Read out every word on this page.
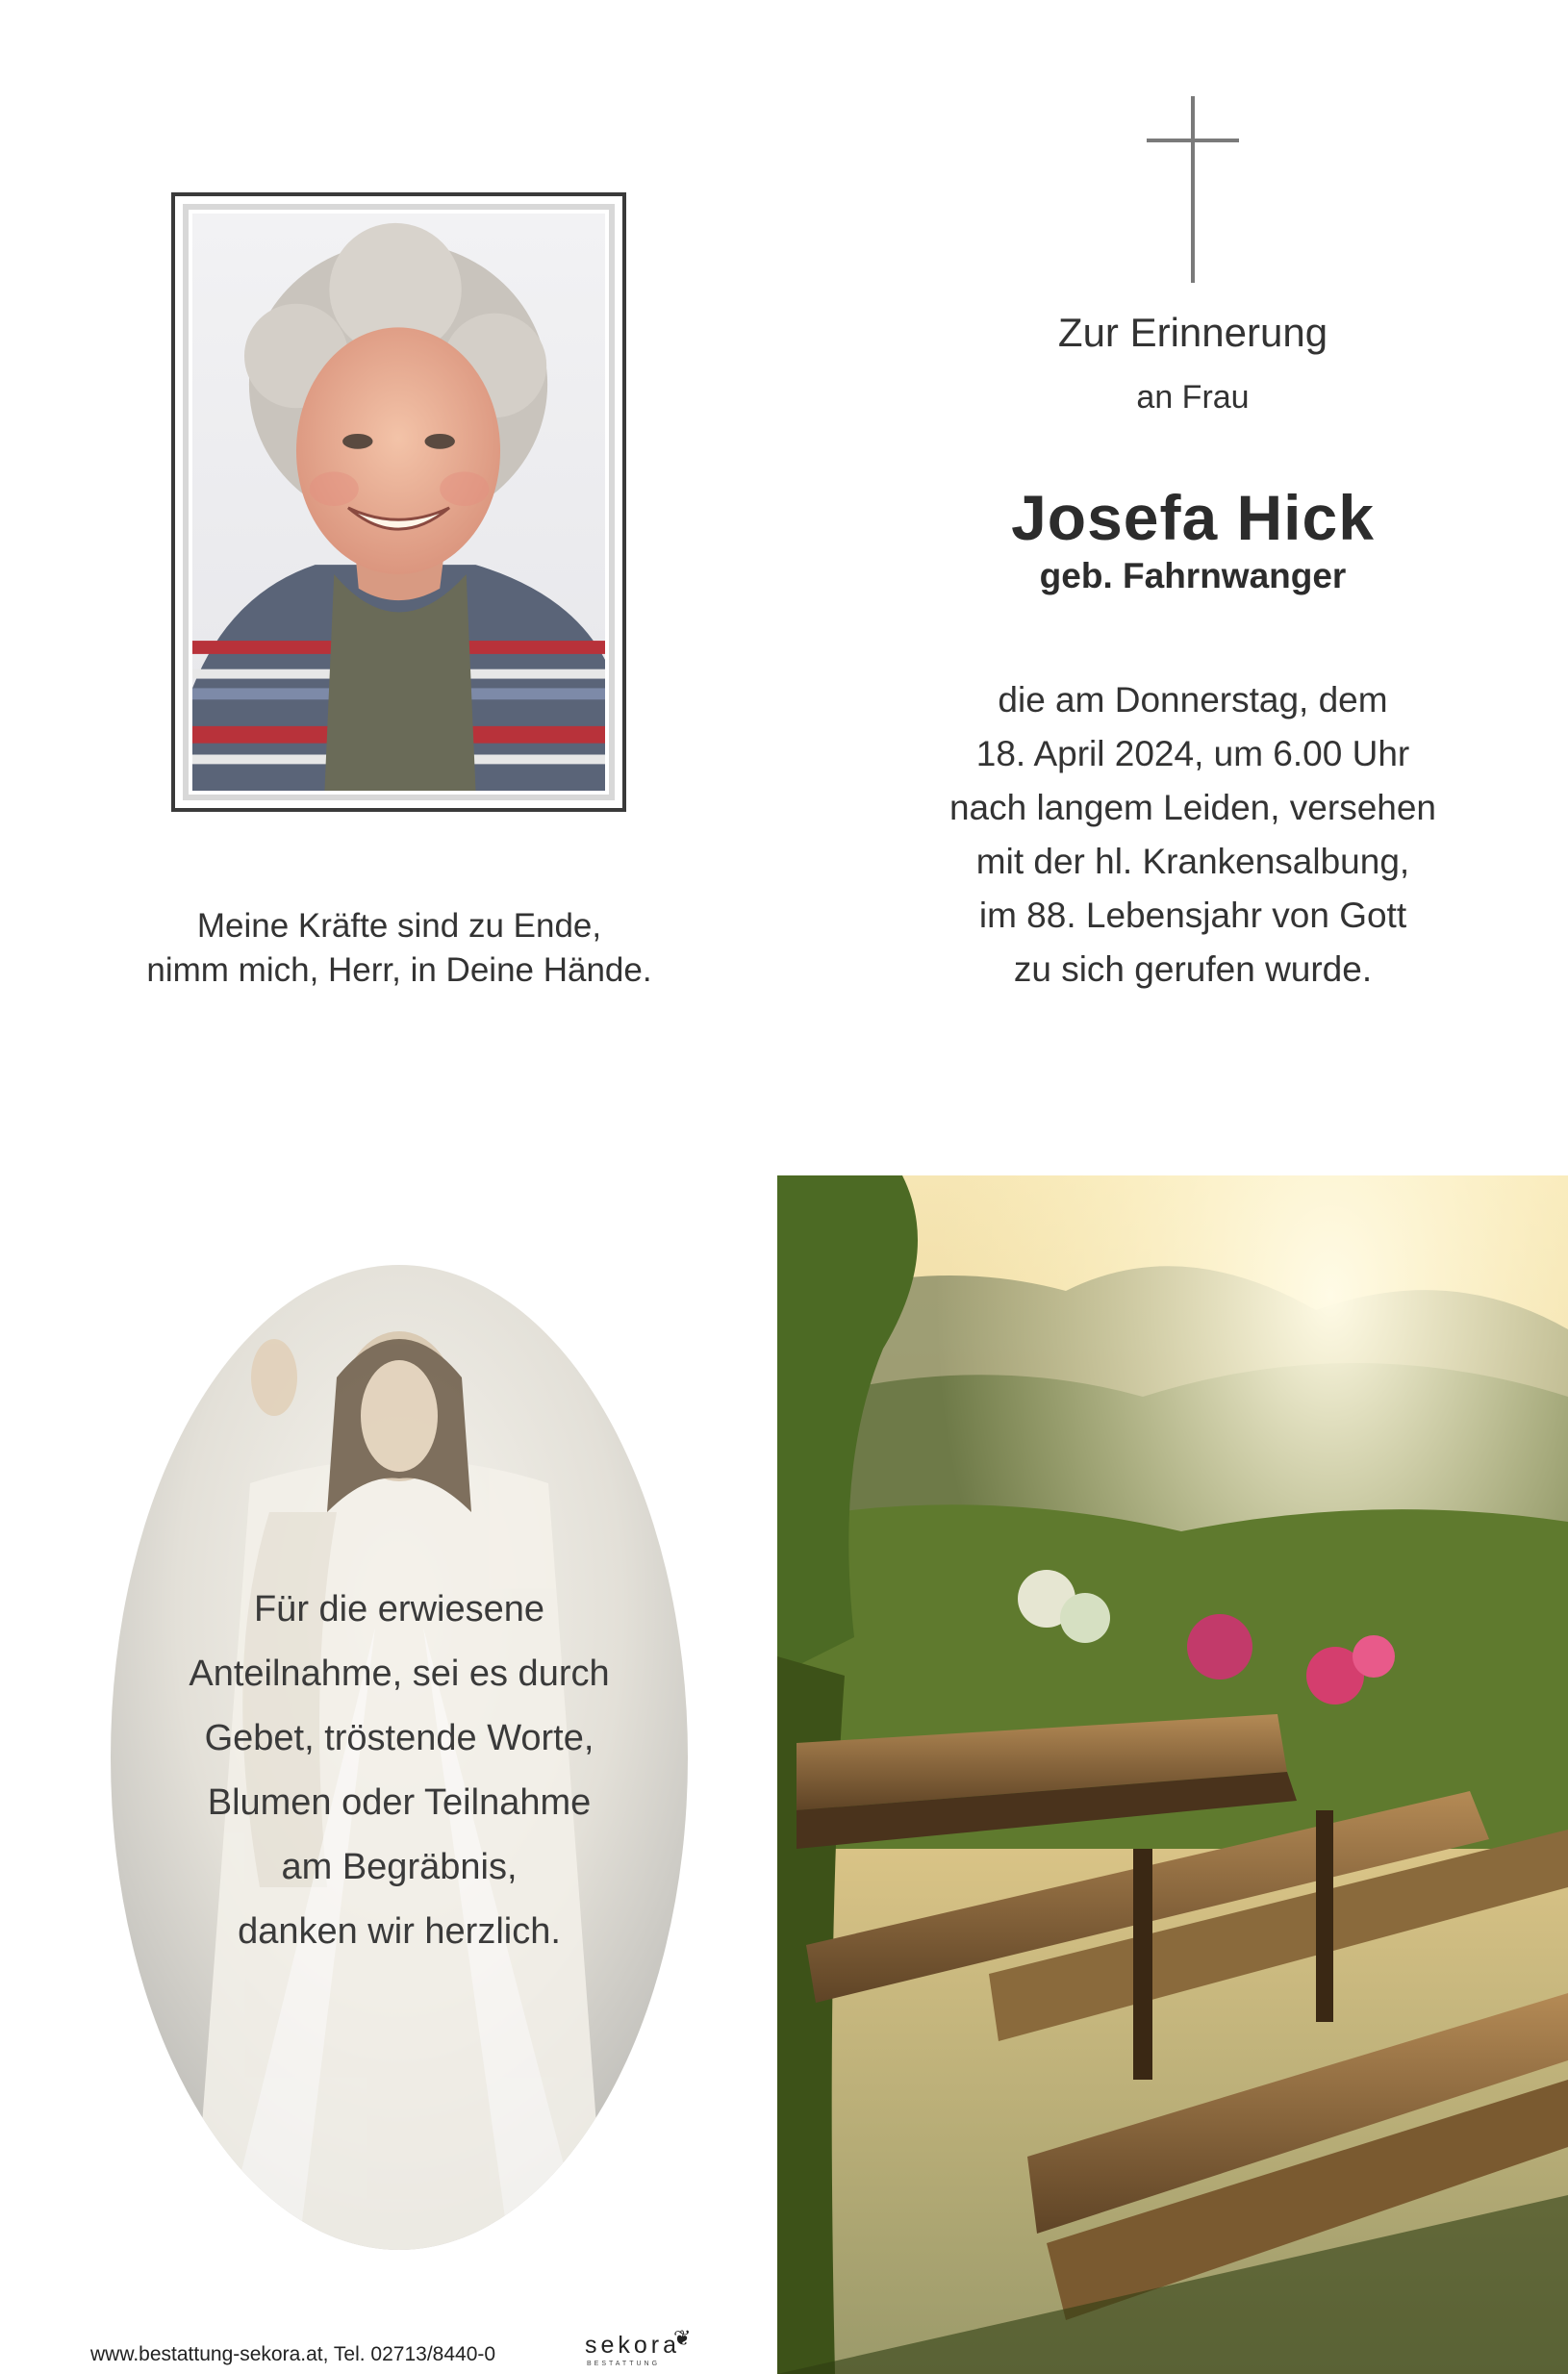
Meine Kräfte sind zu Ende,
nimm mich, Herr, in Deine Hände.
Zur Erinnerung
an Frau
Josefa Hick
geb. Fahrnwanger
die am Donnerstag, dem
18. April 2024, um 6.00 Uhr
nach langem Leiden, versehen
mit der hl. Krankensalbung,
im 88. Lebensjahr von Gott
zu sich gerufen wurde.
Für die erwiesene
Anteilnahme, sei es durch
Gebet, tröstende Worte,
Blumen oder Teilnahme
am Begräbnis,
danken wir herzlich.
www.bestattung-sekora.at, Tel. 02713/8440-0	sekora
❦
BESTATTUNG
